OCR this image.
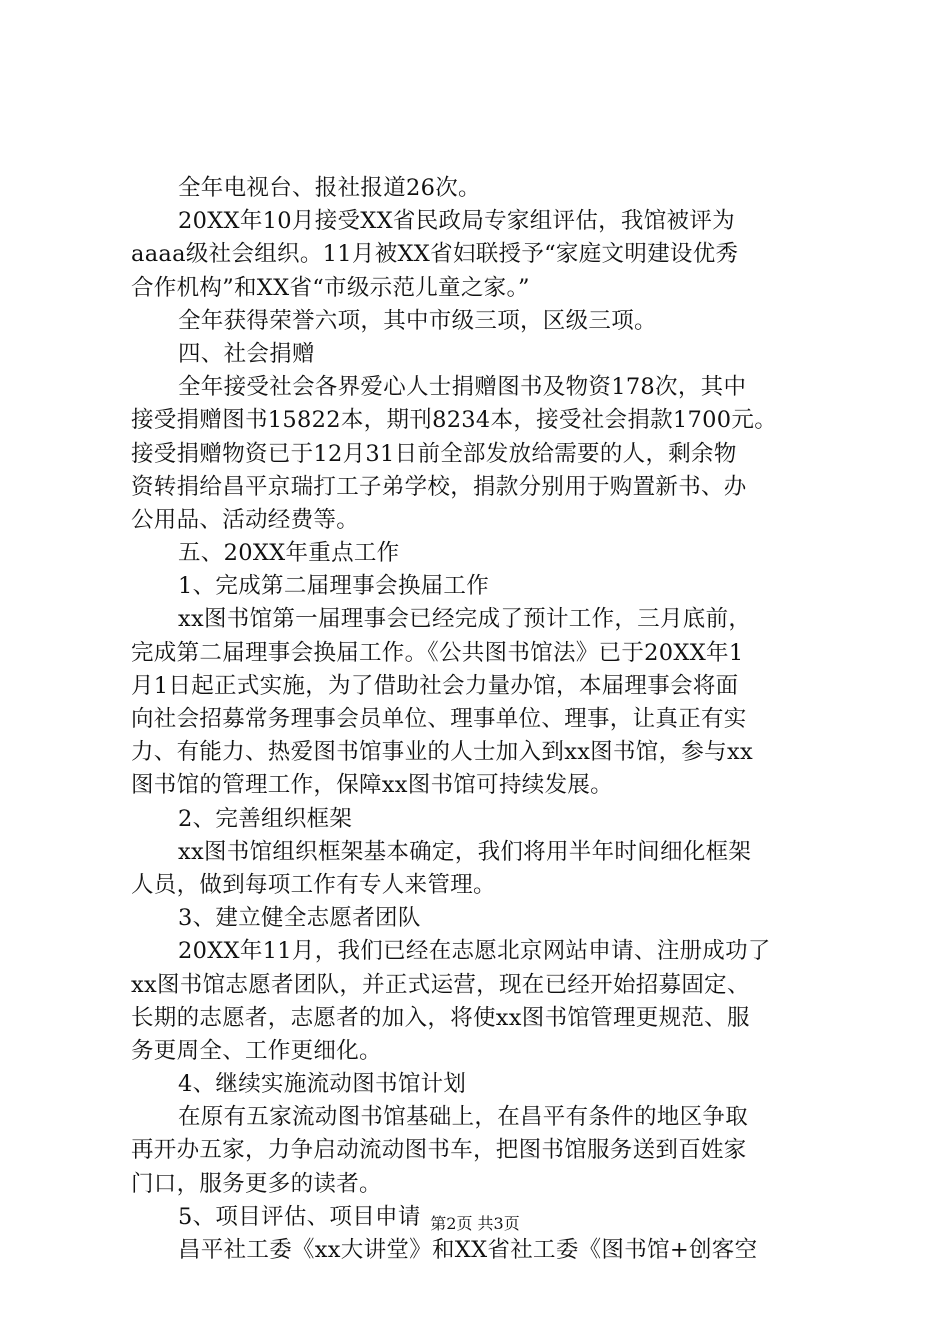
全年电视台、报社报道26次。
20XX年10月接受XX省民政局专家组评估，我馆被评为
aaaa级社会组织。11月被XX省妇联授予“家庭文明建设优秀
合作机构”和XX省“市级示范儿童之家。”
全年获得荣誉六项，其中市级三项，区级三项。
四、社会捐赠
全年接受社会各界爱心人士捐赠图书及物资178次，其中
接受捐赠图书15822本，期刊8234本，接受社会捐款1700元。
接受捐赠物资已于12月31日前全部发放给需要的人，剩余物
资转捐给昌平京瑞打工子弟学校，捐款分别用于购置新书、办
公用品、活动经费等。
五、20XX年重点工作
1、完成第二届理事会换届工作
xx图书馆第一届理事会已经完成了预计工作，三月底前，
完成第二届理事会换届工作。《公共图书馆法》已于20XX年1
月1日起正式实施，为了借助社会力量办馆，本届理事会将面
向社会招募常务理事会员单位、理事单位、理事，让真正有实
力、有能力、热爱图书馆事业的人士加入到xx图书馆，参与xx
图书馆的管理工作，保障xx图书馆可持续发展。
2、完善组织框架
xx图书馆组织框架基本确定，我们将用半年时间细化框架
人员，做到每项工作有专人来管理。
3、建立健全志愿者团队
20XX年11月，我们已经在志愿北京网站申请、注册成功了
xx图书馆志愿者团队，并正式运营，现在已经开始招募固定、
长期的志愿者，志愿者的加入，将使xx图书馆管理更规范、服
务更周全、工作更细化。
4、继续实施流动图书馆计划
在原有五家流动图书馆基础上，在昌平有条件的地区争取
再开办五家，力争启动流动图书车，把图书馆服务送到百姓家
门口，服务更多的读者。
5、项目评估、项目申请
昌平社工委《xx大讲堂》和XX省社工委《图书馆+创客空
第2页 共3页
